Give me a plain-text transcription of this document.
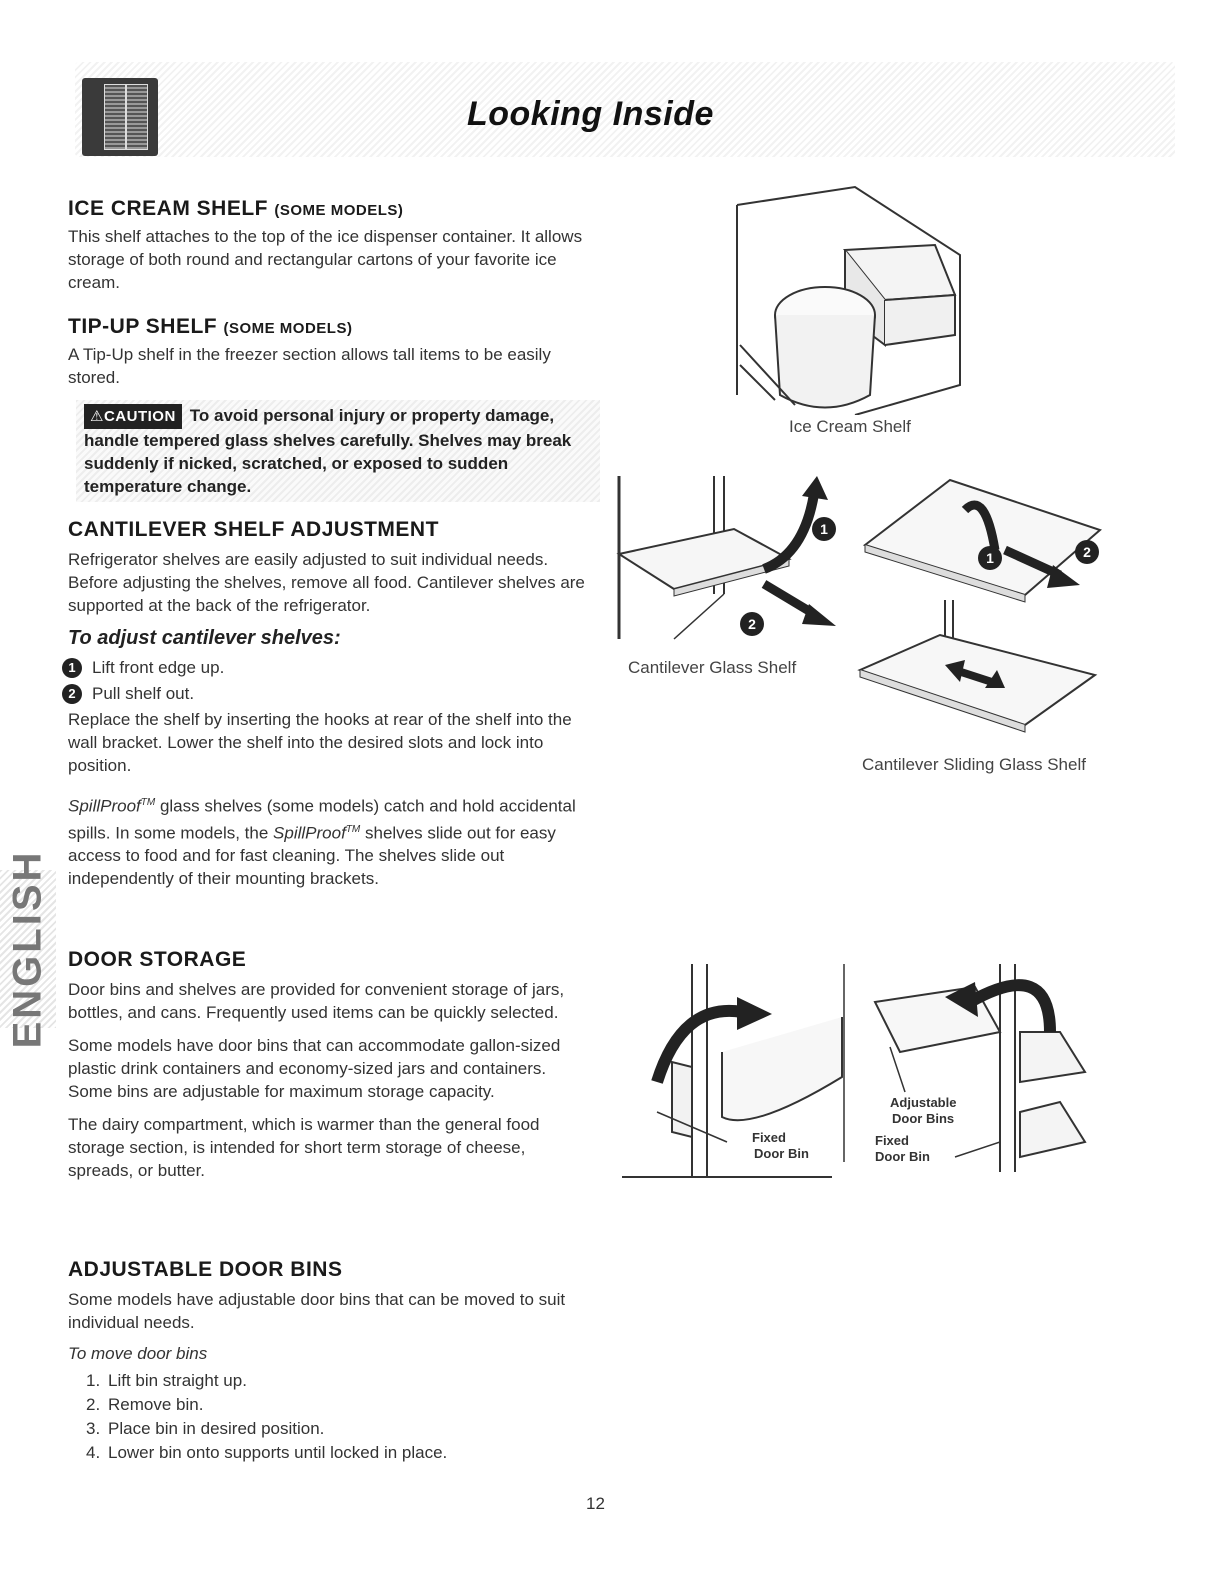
Looking Inside
ENGLISH
ICE CREAM SHELF (SOME MODELS)

This shelf attaches to the top of the ice dispenser container. It allows storage of both round and rectangular cartons of your favorite ice cream.

TIP-UP SHELF (SOME MODELS)

A Tip-Up shelf in the freezer section allows tall items to be easily stored.

⚠CAUTION To avoid personal injury or property damage, handle tempered glass shelves carefully. Shelves may break suddenly if nicked, scratched, or exposed to sudden temperature change.
CANTILEVER SHELF ADJUSTMENT

Refrigerator shelves are easily adjusted to suit individual needs. Before adjusting the shelves, remove all food. Cantilever shelves are supported at the back of the refrigerator.

To adjust cantilever shelves:

1 Lift front edge up.

2 Pull shelf out.

Replace the shelf by inserting the hooks at rear of the shelf into the wall bracket. Lower the shelf into the desired slots and lock into position.

SpillProof™ glass shelves (some models) catch and hold accidental spills. In some models, the SpillProof™ shelves slide out for easy access to food and for fast cleaning. The shelves slide out independently of their mounting brackets.

DOOR STORAGE

Door bins and shelves are provided for convenient storage of jars, bottles, and cans. Frequently used items can be quickly selected.

Some models have door bins that can accommodate gallon-sized plastic drink containers and economy-sized jars and containers. Some bins are adjustable for maximum storage capacity.

The dairy compartment, which is warmer than the general food storage section, is intended for short term storage of cheese, spreads, or butter.

ADJUSTABLE DOOR BINS

Some models have adjustable door bins that can be moved to suit individual needs.

To move door bins

1. Lift bin straight up.
2. Remove bin.
3. Place bin in desired position.
4. Lower bin onto supports until locked in place.
Ice Cream Shelf
1
2
Cantilever Glass Shelf
1	2
Cantilever Sliding Glass Shelf
Fixed
Door Bin
Adjustable
Door Bins
Fixed
Door Bin
12
